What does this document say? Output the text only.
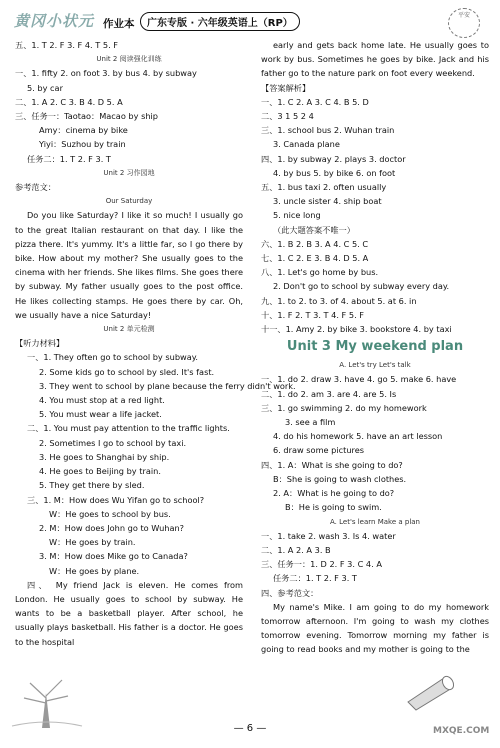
黄冈小状元 作业本	广东专版 · 六年级英语上（RP）
平安
五、1. T 2. F 3. F 4. T 5. F
Unit 2 阅读强化训练
一、1. fifty 2. on foot 3. by bus 4. by subway
5. by car
二、1. A 2. C 3. B 4. D 5. A
三、任务一：Taotao：Macao by ship
Amy：cinema by bike
Yiyi：Suzhou by train
任务二：1. T 2. F 3. T
Unit 2 习作园地
参考范文：
Our Saturday
Do you like Saturday? I like it so much! I usually go to the great Italian restaurant on that day. I like the pizza there. It's yummy. It's a little far, so I go there by bike. How about my mother? She usually goes to the cinema with her friends. She likes films. She goes there by subway. My father usually goes to the post office. He likes collecting stamps. He goes there by car. Oh, we usually have a nice Saturday!
Unit 2 单元检测
【听力材料】
一、1. They often go to school by subway.
2. Some kids go to school by sled. It's fast.
3. They went to school by plane because the ferry didn't work.
4. You must stop at a red light.
5. You must wear a life jacket.
二、1. You must pay attention to the traffic lights.
2. Sometimes I go to school by taxi.
3. He goes to Shanghai by ship.
4. He goes to Beijing by train.
5. They get there by sled.
三、1. M：How does Wu Yifan go to school?
W：He goes to school by bus.
2. M：How does John go to Wuhan?
W：He goes by train.
3. M：How does Mike go to Canada?
W：He goes by plane.
四、 My friend Jack is eleven. He comes from London. He usually goes to school by subway. He wants to be a basketball player. After school, he usually plays basketball. His father is a doctor. He goes to the hospital
early and gets back home late. He usually goes to work by bus. Sometimes he goes by bike. Jack and his father go to the nature park on foot every weekend.
【答案解析】
一、1. C 2. A 3. C 4. B 5. D
二、3 1 5 2 4
三、1. school bus 2. Wuhan train
3. Canada plane
四、1. by subway 2. plays 3. doctor
4. by bus 5. by bike 6. on foot
五、1. bus taxi 2. often usually
3. uncle sister 4. ship boat
5. nice long
（此大题答案不唯一）
六、1. B 2. B 3. A 4. C 5. C
七、1. C 2. E 3. B 4. D 5. A
八、1. Let's go home by bus.
2. Don't go to school by subway every day.
九、1. to 2. to 3. of 4. about 5. at 6. in
十、1. F 2. T 3. T 4. F 5. F
十一、1. Amy 2. by bike 3. bookstore 4. by taxi
Unit 3 My weekend plan
A. Let's try Let's talk
一、1. do 2. draw 3. have 4. go 5. make 6. have
二、1. do 2. am 3. are 4. are 5. Is
三、1. go swimming 2. do my homework
3. see a film
4. do his homework 5. have an art lesson
6. draw some pictures
四、1. A：What is she going to do?
B：She is going to wash clothes.
2. A：What is he going to do?
B：He is going to swim.
A. Let's learn Make a plan
一、1. take 2. wash 3. Is 4. water
二、1. A 2. A 3. B
三、任务一：1. D 2. F 3. C 4. A
任务二：1. T 2. F 3. T
四、参考范文：
My name's Mike. I am going to do my homework tomorrow afternoon. I'm going to wash my clothes tomorrow evening. Tomorrow morning my father is going to read books and my mother is going to the
— 6 —	MXQE.COM
